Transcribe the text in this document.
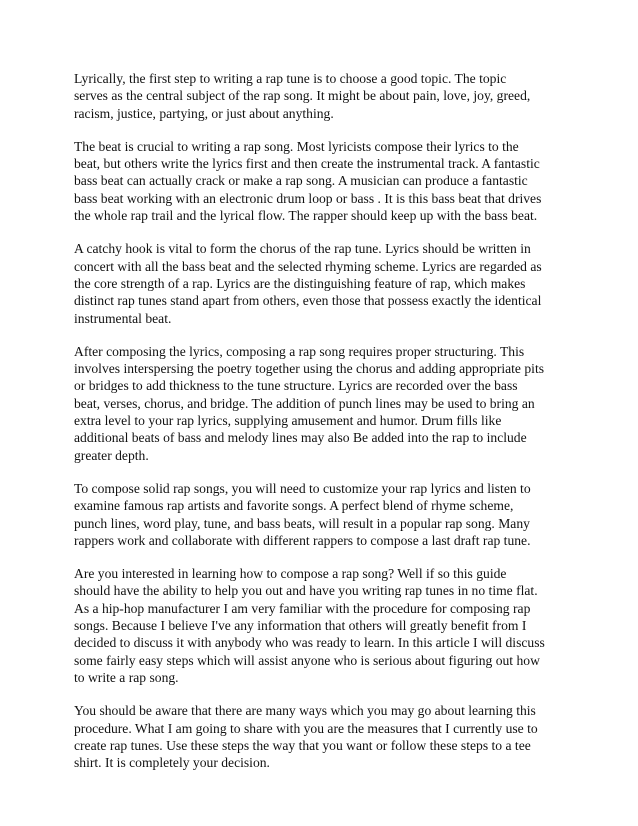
Lyrically, the first step to writing a rap tune is to choose a good topic. The topic
serves as the central subject of the rap song. It might be about pain, love, joy, greed,
racism, justice, partying, or just about anything.

The beat is crucial to writing a rap song. Most lyricists compose their lyrics to the
beat, but others write the lyrics first and then create the instrumental track. A fantastic
bass beat can actually crack or make a rap song. A musician can produce a fantastic
bass beat working with an electronic drum loop or bass . It is this bass beat that drives
the whole rap trail and the lyrical flow. The rapper should keep up with the bass beat.

A catchy hook is vital to form the chorus of the rap tune. Lyrics should be written in
concert with all the bass beat and the selected rhyming scheme. Lyrics are regarded as
the core strength of a rap. Lyrics are the distinguishing feature of rap, which makes
distinct rap tunes stand apart from others, even those that possess exactly the identical
instrumental beat.

After composing the lyrics, composing a rap song requires proper structuring. This
involves interspersing the poetry together using the chorus and adding appropriate pits
or bridges to add thickness to the tune structure. Lyrics are recorded over the bass
beat, verses, chorus, and bridge. The addition of punch lines may be used to bring an
extra level to your rap lyrics, supplying amusement and humor. Drum fills like
additional beats of bass and melody lines may also Be added into the rap to include
greater depth.

To compose solid rap songs, you will need to customize your rap lyrics and listen to
examine famous rap artists and favorite songs. A perfect blend of rhyme scheme,
punch lines, word play, tune, and bass beats, will result in a popular rap song. Many
rappers work and collaborate with different rappers to compose a last draft rap tune.

Are you interested in learning how to compose a rap song? Well if so this guide
should have the ability to help you out and have you writing rap tunes in no time flat.
As a hip-hop manufacturer I am very familiar with the procedure for composing rap
songs. Because I believe I've any information that others will greatly benefit from I
decided to discuss it with anybody who was ready to learn. In this article I will discuss
some fairly easy steps which will assist anyone who is serious about figuring out how
to write a rap song.

You should be aware that there are many ways which you may go about learning this
procedure. What I am going to share with you are the measures that I currently use to
create rap tunes. Use these steps the way that you want or follow these steps to a tee
shirt. It is completely your decision.
